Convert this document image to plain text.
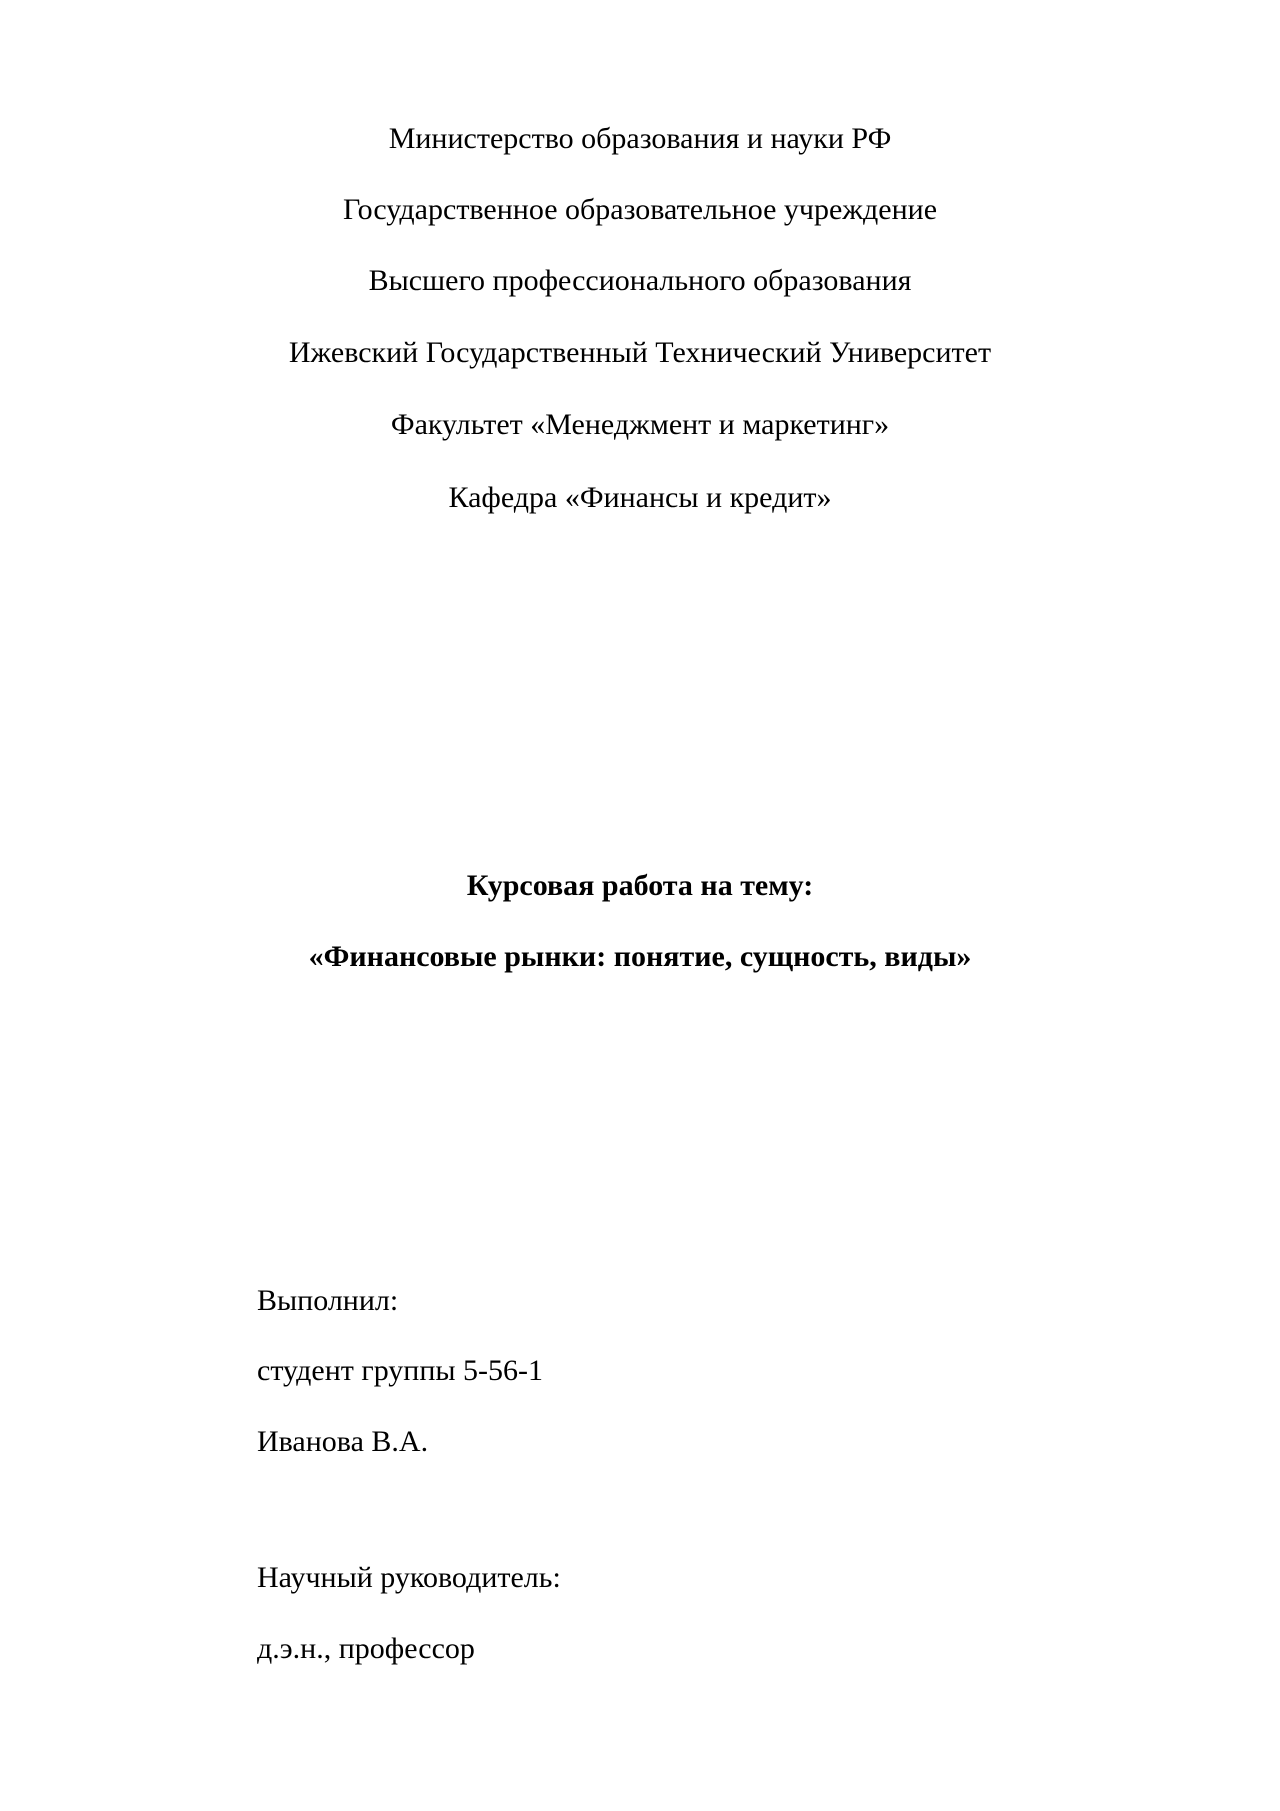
Министерство образования и науки РФ
Государственное образовательное учреждение
Высшего профессионального образования
Ижевский Государственный Технический Университет
Факультет «Менеджмент и маркетинг»
Кафедра «Финансы и кредит»
Курсовая работа на тему:
«Финансовые рынки: понятие, сущность, виды»
Выполнил:
студент группы 5-56-1
Иванова В.А.
Научный руководитель:
д.э.н., профессор
